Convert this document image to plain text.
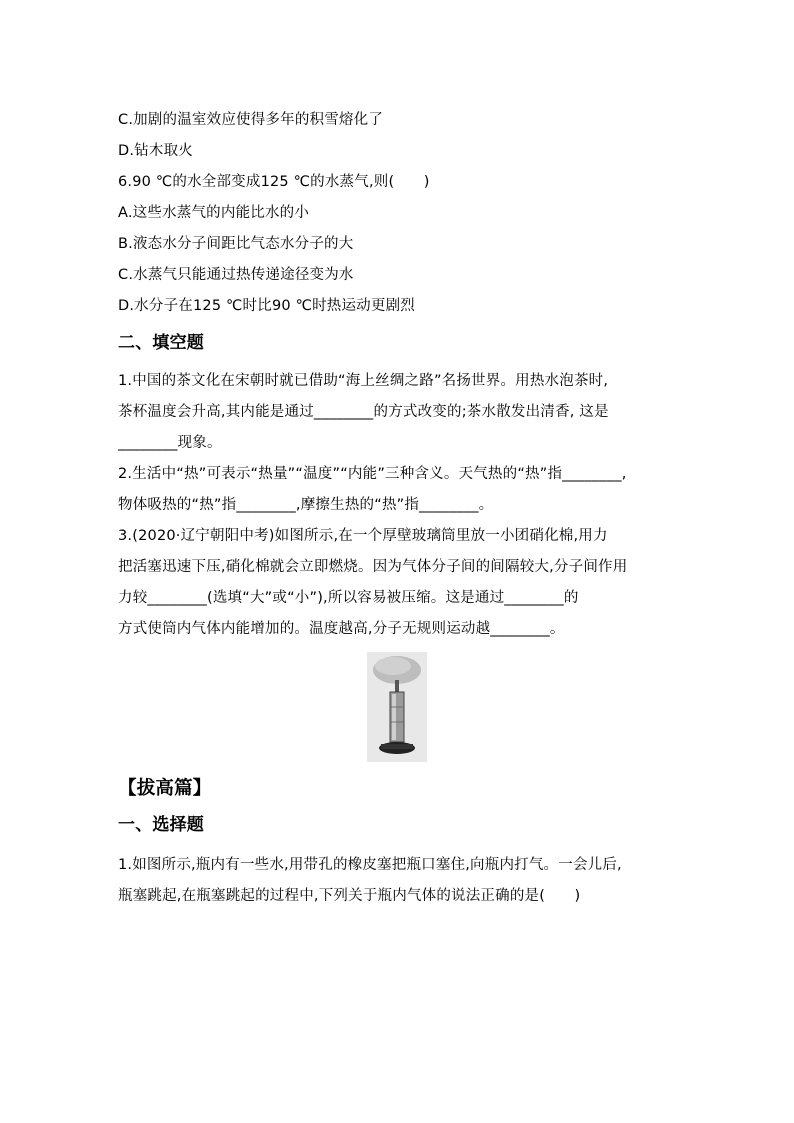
C.加剧的温室效应使得多年的积雪熔化了
D.钻木取火
6.90 ℃的水全部变成125 ℃的水蒸气,则(　　)
A.这些水蒸气的内能比水的小
B.液态水分子间距比气态水分子的大
C.水蒸气只能通过热传递途径变为水
D.水分子在125 ℃时比90 ℃时热运动更剧烈
二、填空题
1.中国的茶文化在宋朝时就已借助“海上丝绸之路”名扬世界。用热水泡茶时,
茶杯温度会升高,其内能是通过________的方式改变的;茶水散发出清香, 这是
________现象。
2.生活中“热”可表示“热量”“温度”“内能”三种含义。天气热的“热”指________,
物体吸热的“热”指________,摩擦生热的“热”指________。
3.(2020·辽宁朝阳中考)如图所示,在一个厚壁玻璃筒里放一小团硝化棉,用力
把活塞迅速下压,硝化棉就会立即燃烧。因为气体分子间的间隔较大,分子间作用
力较________(选填“大”或“小”),所以容易被压缩。这是通过________的
方式使筒内气体内能增加的。温度越高,分子无规则运动越________。
【拔高篇】
一、选择题
1.如图所示,瓶内有一些水,用带孔的橡皮塞把瓶口塞住,向瓶内打气。一会儿后,
瓶塞跳起,在瓶塞跳起的过程中,下列关于瓶内气体的说法正确的是(　　)
